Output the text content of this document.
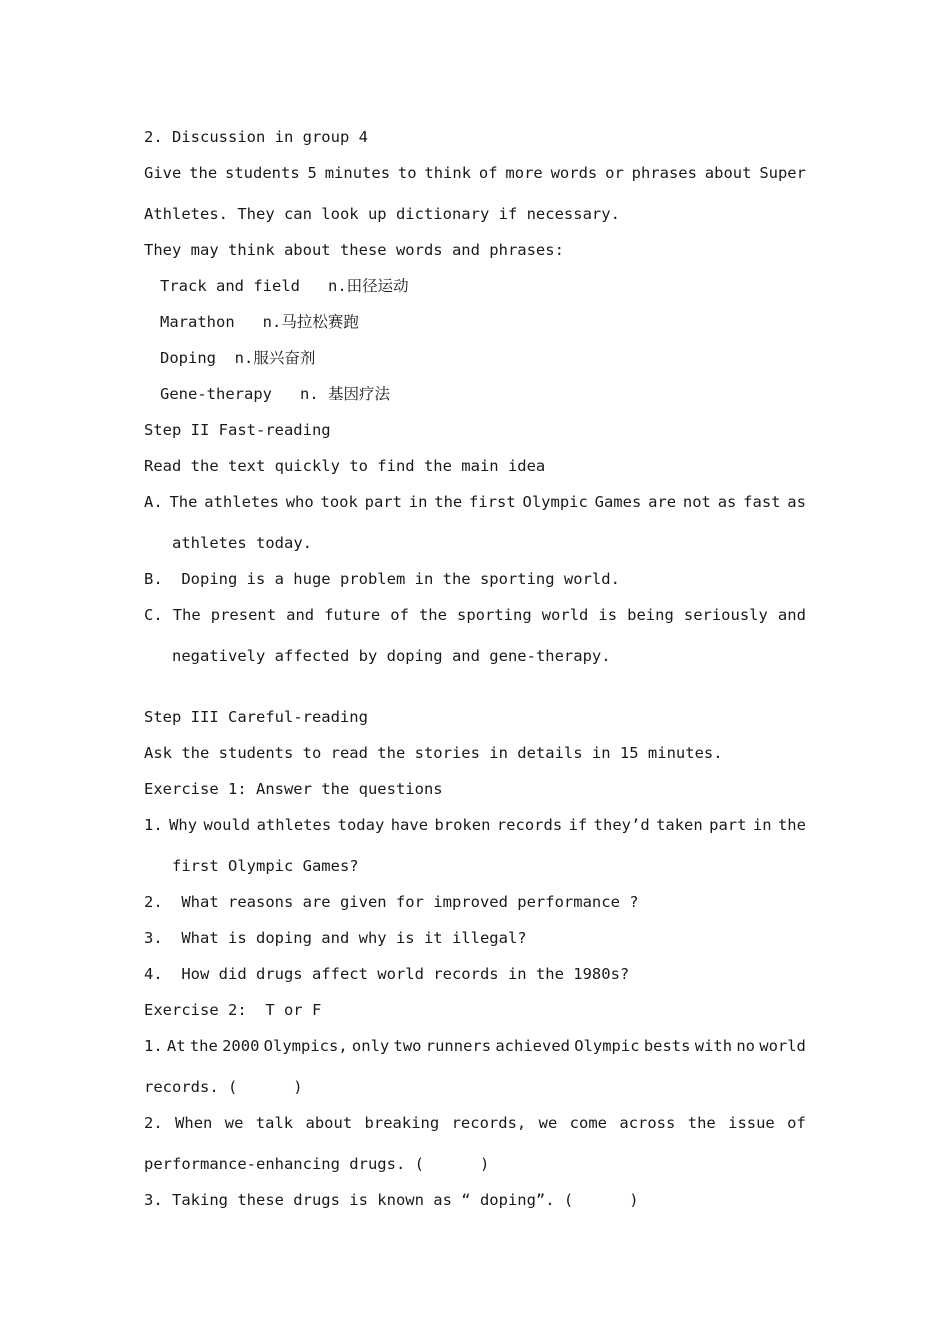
2. Discussion in group 4
Give the students 5 minutes to think of more words or phrases about Super
Athletes. They can look up dictionary if necessary.
They may think about these words and phrases:
Track and field n.田径运动
Marathon n.马拉松赛跑
Doping n.服兴奋剂
Gene-therapy n. 基因疗法
Step II Fast-reading
Read the text quickly to find the main idea
A. The athletes who took part in the first Olympic Games are not as fast as
athletes today.
B.  Doping is a huge problem in the sporting world.
C. The present and future of the sporting world is being seriously and
negatively affected by doping and gene-therapy.
Step III Careful-reading
Ask the students to read the stories in details in 15 minutes.
Exercise 1: Answer the questions
1. Why would athletes today have broken records if they’d taken part in the
first Olympic Games?
2.  What reasons are given for improved performance ?
3.  What is doping and why is it illegal?
4.  How did drugs affect world records in the 1980s?
Exercise 2:  T or F
1. At the 2000 Olympics, only two runners achieved Olympic bests with no world
records. (      )
2. When we talk about breaking records, we come across the issue of
performance-enhancing drugs. (      )
3. Taking these drugs is known as “ doping”. (      )
